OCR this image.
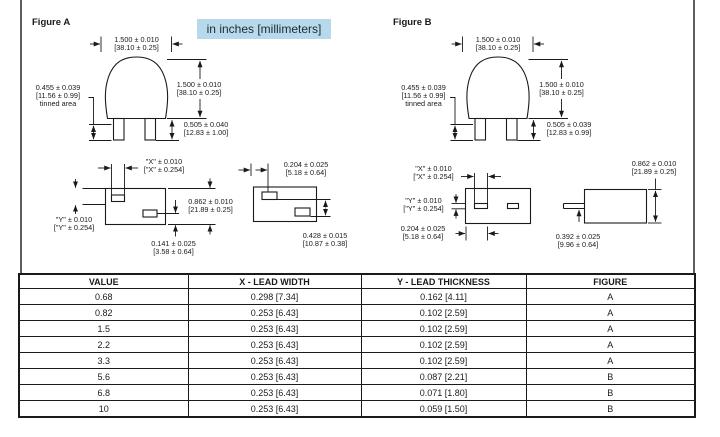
Figure A	Figure B
in inches [millimeters]
1.500 ± 0.010
[38.10 ± 0.25]
0.455 ± 0.039
[11.56 ± 0.99]
tinned area
1.500 ± 0.010
[38.10 ± 0.25]
0.505 ± 0.040
[12.83 ± 1.00]
"X" ± 0.010
["X" ± 0.254]
"Y" ± 0.010
["Y" ± 0.254]
0.862 ± 0.010
[21.89 ± 0.25]
0.141 ± 0.025
[3.58 ± 0.64]
0.204 ± 0.025
[5.18 ± 0.64]
0.428 ± 0.015
[10.87 ± 0.38]
1.500 ± 0.010
[38.10 ± 0.25]
0.455 ± 0.039
[11.56 ± 0.99]
tinned area
1.500 ± 0.010
[38.10 ± 0.25]
0.505 ± 0.039
[12.83 ± 0.99]
"X" ± 0.010
["X" ± 0.254]
"Y" ± 0.010
["Y" ± 0.254]
0.204 ± 0.025
[5.18 ± 0.64]
0.862 ± 0.010
[21.89 ± 0.25]
0.392 ± 0.025
[9.96 ± 0.64]
VALUE	X - LEAD WIDTH	Y - LEAD THICKNESS	FIGURE
0.68	0.298 [7.34]	0.162 [4.11]	A
0.82	0.253 [6.43]	0.102 [2.59]	A
1.5	0.253 [6.43]	0.102 [2.59]	A
2.2	0.253 [6.43]	0.102 [2.59]	A
3.3	0.253 [6.43]	0.102 [2.59]	A
5.6	0.253 [6.43]	0.087 [2.21]	B
6.8	0.253 [6.43]	0.071 [1.80]	B
10	0.253 [6.43]	0.059 [1.50]	B
